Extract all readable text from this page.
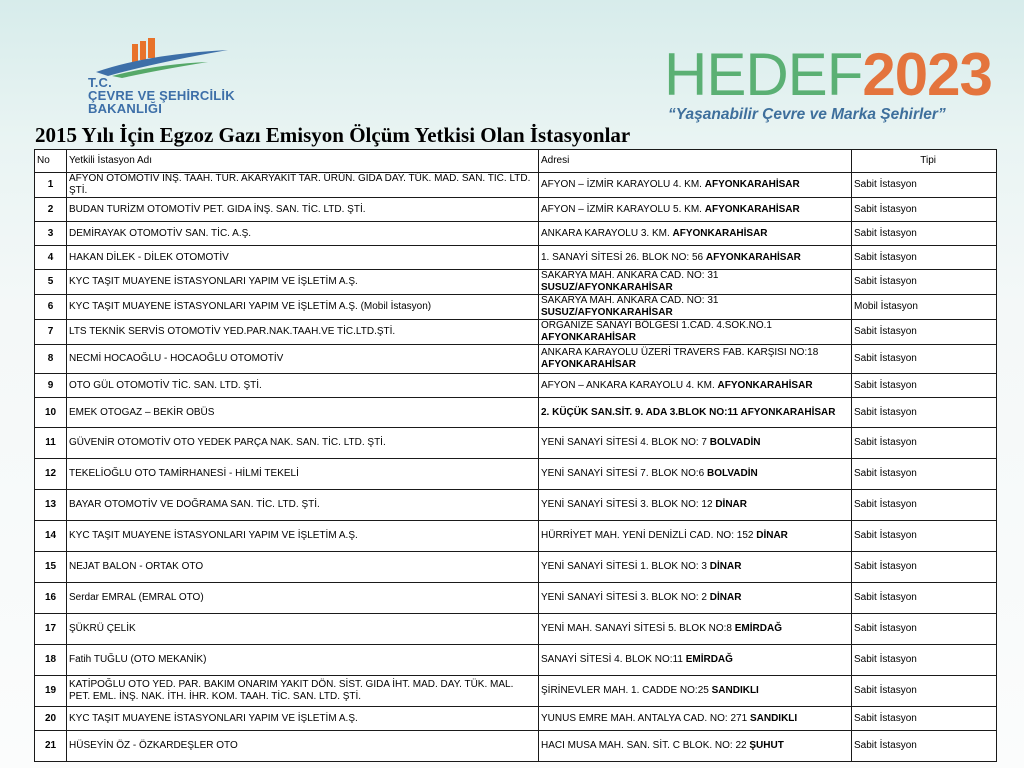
T.C.
ÇEVRE VE ŞEHİRCİLİK
BAKANLIĞI
HEDEF2023
“Yaşanabilir Çevre ve Marka Şehirler”
2015 Yılı İçin Egzoz Gazı Emisyon Ölçüm Yetkisi Olan İstasyonlar
No	Yetkili İstasyon Adı	Adresi	Tipi
1	AFYON OTOMOTİV İNŞ. TAAH. TUR. AKARYAKIT TAR. ÜRÜN. GIDA DAY. TÜK. MAD. SAN. TİC. LTD. ŞTİ.	AFYON – İZMİR KARAYOLU 4. KM. AFYONKARAHİSAR	Sabit İstasyon
2	BUDAN TURİZM OTOMOTİV PET. GIDA İNŞ. SAN. TİC. LTD. ŞTİ.	AFYON – İZMİR KARAYOLU 5. KM. AFYONKARAHİSAR	Sabit İstasyon
3	DEMİRAYAK OTOMOTİV SAN. TİC. A.Ş.	ANKARA KARAYOLU 3. KM. AFYONKARAHİSAR	Sabit İstasyon
4	HAKAN DİLEK - DİLEK OTOMOTİV	1. SANAYİ SİTESİ 26. BLOK NO: 56 AFYONKARAHİSAR	Sabit İstasyon
5	KYC TAŞIT MUAYENE İSTASYONLARI YAPIM VE İŞLETİM A.Ş.	SAKARYA MAH. ANKARA CAD. NO: 31 SUSUZ/AFYONKARAHİSAR	Sabit İstasyon
6	KYC TAŞIT MUAYENE İSTASYONLARI YAPIM VE İŞLETİM A.Ş. (Mobil İstasyon)	SAKARYA MAH. ANKARA CAD. NO: 31 SUSUZ/AFYONKARAHİSAR	Mobil İstasyon
7	LTS TEKNİK SERVİS OTOMOTİV YED.PAR.NAK.TAAH.VE TİC.LTD.ŞTİ.	ORGANİZE SANAYİ BÖLGESİ 1.CAD. 4.SOK.NO.1 AFYONKARAHİSAR	Sabit İstasyon
8	NECMİ HOCAOĞLU - HOCAOĞLU OTOMOTİV	ANKARA KARAYOLU ÜZERİ TRAVERS FAB. KARŞISI NO:18 AFYONKARAHİSAR	Sabit İstasyon
9	OTO GÜL OTOMOTİV TİC. SAN. LTD. ŞTİ.	AFYON – ANKARA KARAYOLU 4. KM. AFYONKARAHİSAR	Sabit İstasyon
10	EMEK OTOGAZ – BEKİR OBÜS	2. KÜÇÜK SAN.SİT. 9. ADA 3.BLOK NO:11 AFYONKARAHİSAR	Sabit İstasyon
11	GÜVENİR OTOMOTİV OTO YEDEK PARÇA NAK. SAN. TİC. LTD. ŞTİ.	YENİ SANAYİ SİTESİ 4. BLOK NO: 7 BOLVADİN	Sabit İstasyon
12	TEKELİOĞLU OTO TAMİRHANESİ - HİLMİ TEKELİ	YENİ SANAYİ SİTESİ 7. BLOK NO:6 BOLVADİN	Sabit İstasyon
13	BAYAR OTOMOTİV VE DOĞRAMA SAN. TİC. LTD. ŞTİ.	YENİ SANAYİ SİTESİ 3. BLOK NO: 12 DİNAR	Sabit İstasyon
14	KYC TAŞIT MUAYENE İSTASYONLARI YAPIM VE İŞLETİM A.Ş.	HÜRRİYET MAH. YENİ DENİZLİ CAD. NO: 152 DİNAR	Sabit İstasyon
15	NEJAT BALON - ORTAK OTO	YENİ SANAYİ SİTESİ 1. BLOK NO: 3 DİNAR	Sabit İstasyon
16	Serdar EMRAL (EMRAL OTO)	YENİ SANAYİ SİTESİ 3. BLOK NO: 2 DİNAR	Sabit İstasyon
17	ŞÜKRÜ ÇELİK	YENİ MAH. SANAYİ SİTESİ 5. BLOK NO:8 EMİRDAĞ	Sabit İstasyon
18	Fatih TUĞLU (OTO MEKANİK)	SANAYİ SİTESİ 4. BLOK NO:11 EMİRDAĞ	Sabit İstasyon
19	KATİPOĞLU OTO YED. PAR. BAKIM ONARIM YAKIT DÖN. SİST. GIDA İHT. MAD. DAY. TÜK. MAL. PET. EML. İNŞ. NAK. İTH. İHR. KOM. TAAH. TİC. SAN. LTD. ŞTİ.	ŞİRİNEVLER MAH. 1. CADDE NO:25 SANDIKLI	Sabit İstasyon
20	KYC TAŞIT MUAYENE İSTASYONLARI YAPIM VE İŞLETİM A.Ş.	YUNUS EMRE MAH. ANTALYA CAD. NO: 271 SANDIKLI	Sabit İstasyon
21	HÜSEYİN ÖZ - ÖZKARDEŞLER OTO	HACI MUSA MAH. SAN. SİT. C BLOK. NO: 22 ŞUHUT	Sabit İstasyon
